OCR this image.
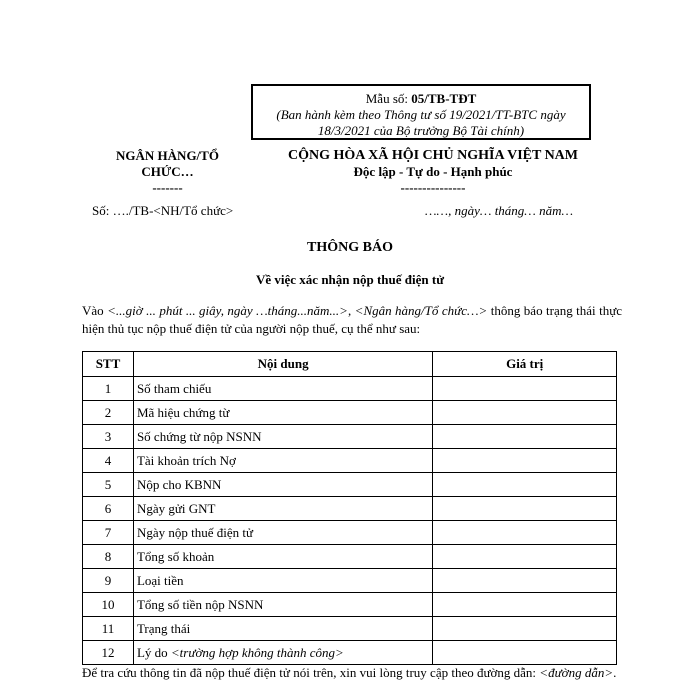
Mẫu số: 05/TB-TĐT
(Ban hành kèm theo Thông tư số 19/2021/TT-BTC ngày
18/3/2021 của Bộ trưởng Bộ Tài chính)
NGÂN HÀNG/TỔ
CHỨC…
-------
CỘNG HÒA XÃ HỘI CHỦ NGHĨA VIỆT NAM
Độc lập - Tự do - Hạnh phúc
---------------
Số: …./TB-<NH/Tổ chức>	……, ngày… tháng… năm…
THÔNG BÁO
Về việc xác nhận nộp thuế điện tử
Vào <...giờ ... phút ... giây, ngày …tháng...năm...>, <Ngân hàng/Tổ chức…> thông báo trạng thái thực hiện thủ tục nộp thuế điện tử của người nộp thuế, cụ thể như sau:
STT	Nội dung	Giá trị
1	Số tham chiếu	
2	Mã hiệu chứng từ	
3	Số chứng từ nộp NSNN	
4	Tài khoản trích Nợ	
5	Nộp cho KBNN	
6	Ngày gửi GNT	
7	Ngày nộp thuế điện tử	
8	Tổng số khoản	
9	Loại tiền	
10	Tổng số tiền nộp NSNN	
11	Trạng thái	
12	Lý do <trường hợp không thành công>	
Để tra cứu thông tin đã nộp thuế điện tử nói trên, xin vui lòng truy cập theo đường dẫn: <đường dẫn>.
